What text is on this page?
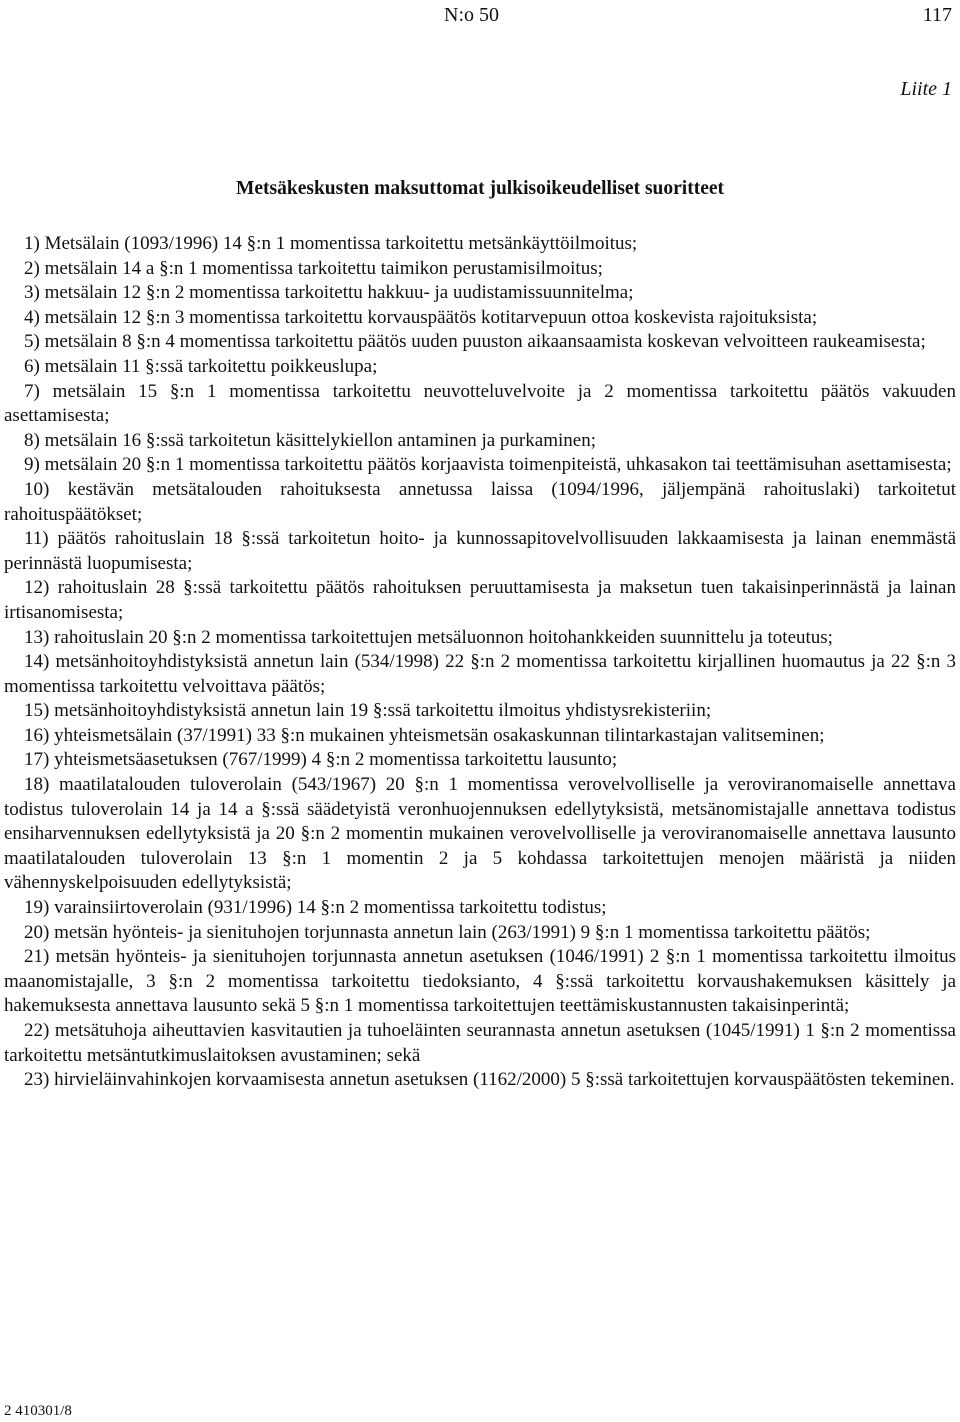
N:o 50	117
Liite 1
Metsäkeskusten maksuttomat julkisoikeudelliset suoritteet

1) Metsälain (1093/1996) 14 §:n 1 momentissa tarkoitettu metsänkäyttöilmoitus;

2) metsälain 14 a §:n 1 momentissa tarkoitettu taimikon perustamisilmoitus;

3) metsälain 12 §:n 2 momentissa tarkoitettu hakkuu- ja uudistamissuunnitelma;

4) metsälain 12 §:n 3 momentissa tarkoitettu korvauspäätös kotitarvepuun ottoa koskevista rajoituksista;

5) metsälain 8 §:n 4 momentissa tarkoitettu päätös uuden puuston aikaansaamista koskevan velvoitteen raukeamisesta;

6) metsälain 11 §:ssä tarkoitettu poikkeuslupa;

7) metsälain 15 §:n 1 momentissa tarkoitettu neuvotteluvelvoite ja 2 momentissa tarkoitettu päätös vakuuden asettamisesta;

8) metsälain 16 §:ssä tarkoitetun käsittelykiellon antaminen ja purkaminen;

9) metsälain 20 §:n 1 momentissa tarkoitettu päätös korjaavista toimenpiteistä, uhkasakon tai teettämisuhan asettamisesta;

10) kestävän metsätalouden rahoituksesta annetussa laissa (1094/1996, jäljempänä rahoituslaki) tarkoitetut rahoituspäätökset;

11) päätös rahoituslain 18 §:ssä tarkoitetun hoito- ja kunnossapitovelvollisuuden lakkaamisesta ja lainan enemmästä perinnästä luopumisesta;

12) rahoituslain 28 §:ssä tarkoitettu päätös rahoituksen peruuttamisesta ja maksetun tuen takaisinperinnästä ja lainan irtisanomisesta;

13) rahoituslain 20 §:n 2 momentissa tarkoitettujen metsäluonnon hoitohankkeiden suunnittelu ja toteutus;

14) metsänhoitoyhdistyksistä annetun lain (534/1998) 22 §:n 2 momentissa tarkoitettu kirjallinen huomautus ja 22 §:n 3 momentissa tarkoitettu velvoittava päätös;

15) metsänhoitoyhdistyksistä annetun lain 19 §:ssä tarkoitettu ilmoitus yhdistysrekisteriin;

16) yhteismetsälain (37/1991) 33 §:n mukainen yhteismetsän osakaskunnan tilintarkastajan valitseminen;

17) yhteismetsäasetuksen (767/1999) 4 §:n 2 momentissa tarkoitettu lausunto;

18) maatilatalouden tuloverolain (543/1967) 20 §:n 1 momentissa verovelvolliselle ja veroviranomaiselle annettava todistus tuloverolain 14 ja 14 a §:ssä säädetyistä veronhuojennuksen edellytyksistä, metsänomistajalle annettava todistus ensiharvennuksen edellytyksistä ja 20 §:n 2 momentin mukainen verovelvolliselle ja veroviranomaiselle annettava lausunto maatilatalouden tuloverolain 13 §:n 1 momentin 2 ja 5 kohdassa tarkoitettujen menojen määristä ja niiden vähennyskelpoisuuden edellytyksistä;

19) varainsiirtoverolain (931/1996) 14 §:n 2 momentissa tarkoitettu todistus;

20) metsän hyönteis- ja sienituhojen torjunnasta annetun lain (263/1991) 9 §:n 1 momentissa tarkoitettu päätös;

21) metsän hyönteis- ja sienituhojen torjunnasta annetun asetuksen (1046/1991) 2 §:n 1 momentissa tarkoitettu ilmoitus maanomistajalle, 3 §:n 2 momentissa tarkoitettu tiedoksianto, 4 §:ssä tarkoitettu korvaushakemuksen käsittely ja hakemuksesta annettava lausunto sekä 5 §:n 1 momentissa tarkoitettujen teettämiskustannusten takaisinperintä;

22) metsätuhoja aiheuttavien kasvitautien ja tuhoeläinten seurannasta annetun asetuksen (1045/1991) 1 §:n 2 momentissa tarkoitettu metsäntutkimuslaitoksen avustaminen; sekä

23) hirvieläinvahinkojen korvaamisesta annetun asetuksen (1162/2000) 5 §:ssä tarkoitettujen korvauspäätösten tekeminen.

2 410301/8
